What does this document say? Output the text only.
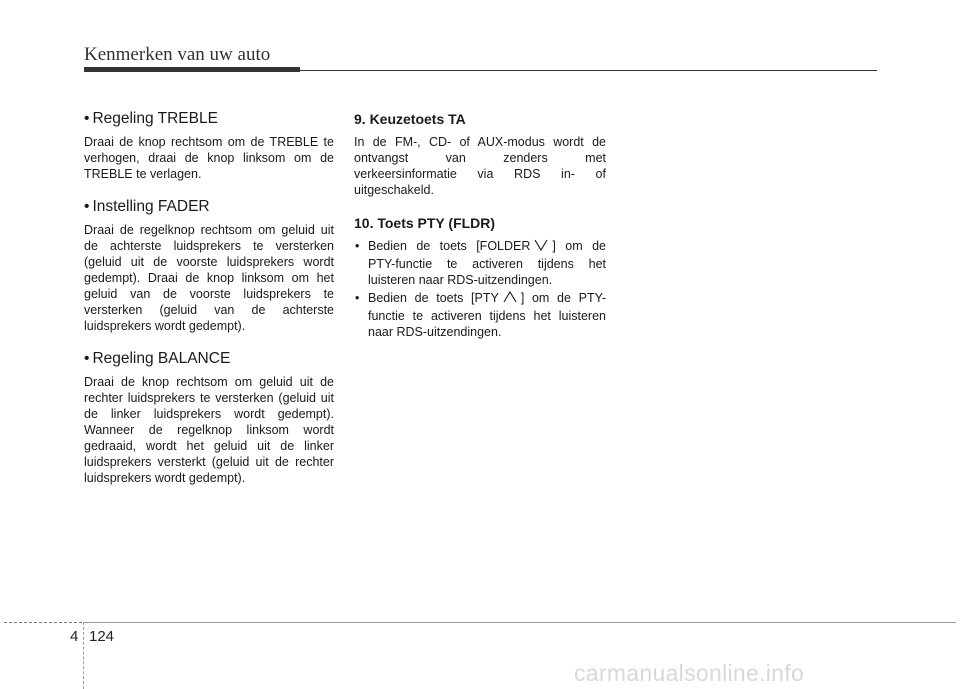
Kenmerken van uw auto
• Regeling TREBLE

Draai de knop rechtsom om de TREBLE te verhogen, draai de knop linksom om de TREBLE te verlagen.

• Instelling FADER

Draai de regelknop rechtsom om geluid uit de achterste luidsprekers te versterken (geluid uit de voorste luidsprekers wordt gedempt). Draai de knop linksom om het geluid van de voorste luidsprekers te versterken (geluid van de achterste luidsprekers wordt gedempt).

• Regeling BALANCE

Draai de knop rechtsom om geluid uit de rechter luidsprekers te versterken (geluid uit de linker luidsprekers wordt gedempt). Wanneer de regelknop linksom wordt gedraaid, wordt het geluid uit de linker luidsprekers versterkt (geluid uit de rechter luidsprekers wordt gedempt).

9. Keuzetoets TA

In de FM-, CD- of AUX-modus wordt de ontvangst van zenders met verkeersinformatie via RDS in- of uitgeschakeld.

10. Toets PTY (FLDR)
• Bedien de toets [FOLDER ] om de PTY-functie te activeren tijdens het luisteren naar RDS-uitzendingen.
• Bedien de toets [PTY ] om de PTY-functie te activeren tijdens het luisteren naar RDS-uitzendingen.
4 124
carmanualsonline.info
